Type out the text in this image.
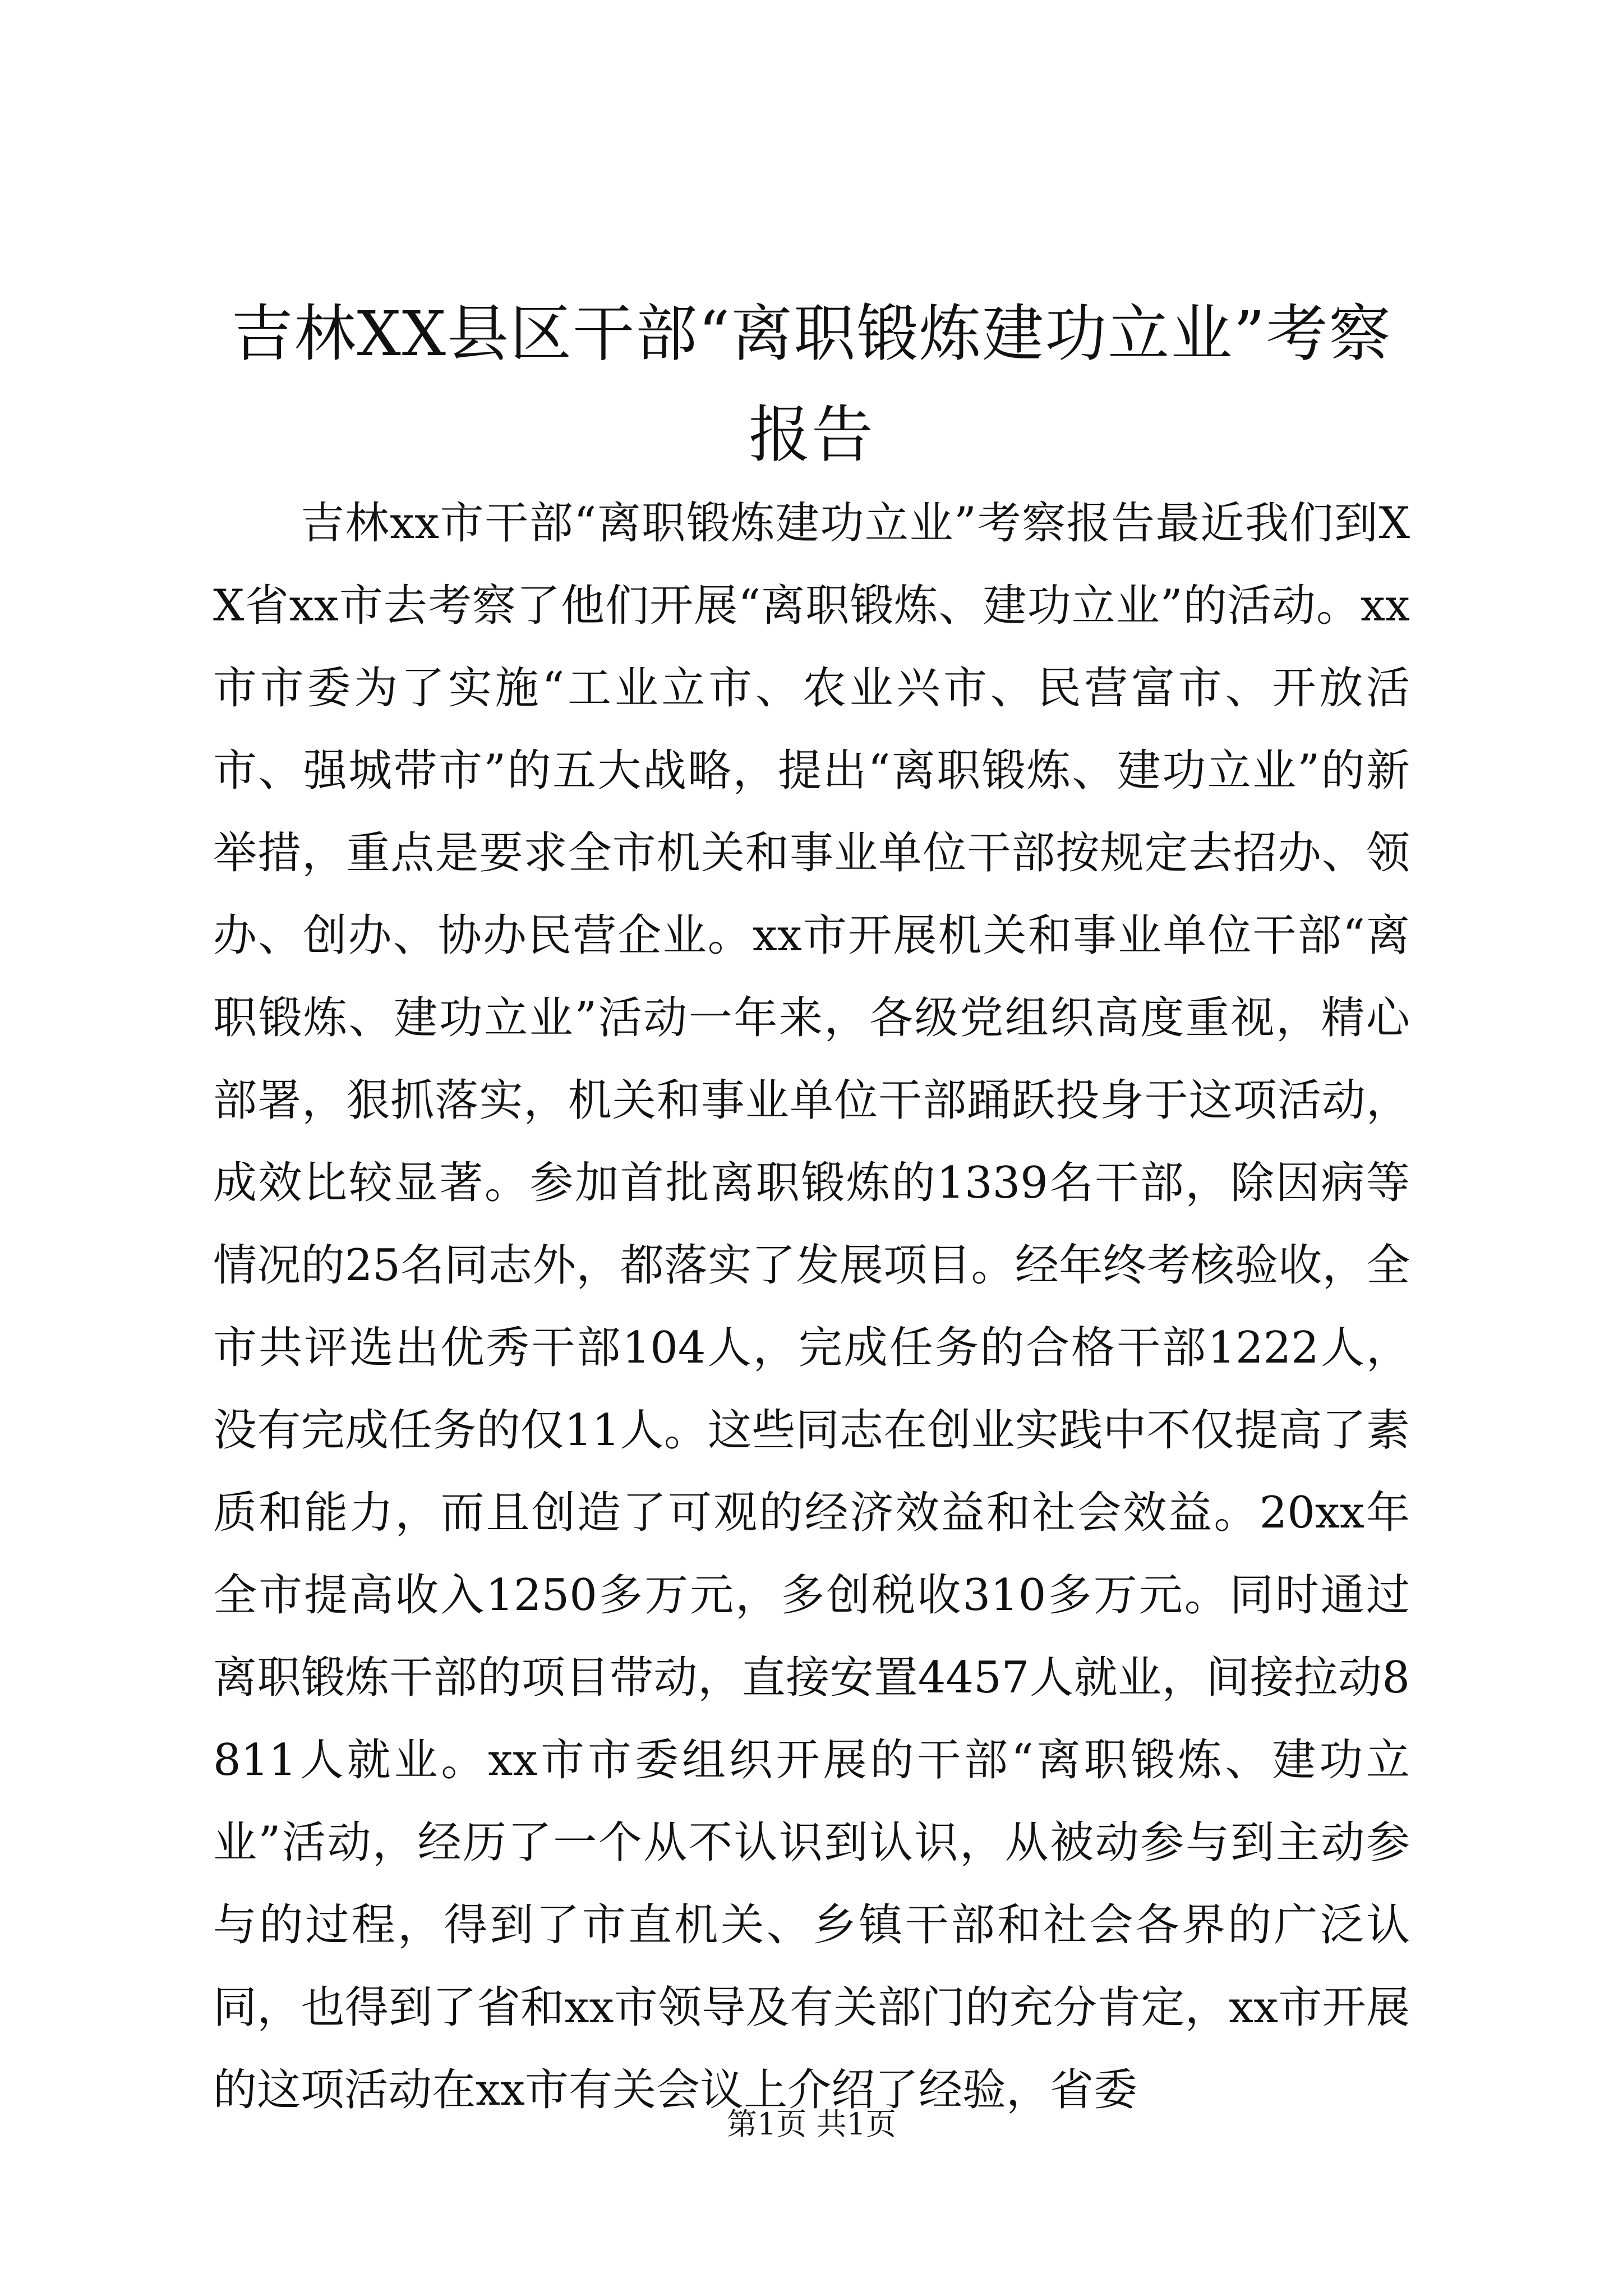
吉林XX县区干部“离职锻炼建功立业”考察报告

吉林xx市干部“离职锻炼建功立业”考察报告最近我们到XX省xx市去考察了他们开展“离职锻炼、建功立业”的活动。xx市市委为了实施“工业立市、农业兴市、民营富市、开放活市、强城带市”的五大战略，提出“离职锻炼、建功立业”的新举措，重点是要求全市机关和事业单位干部按规定去招办、领办、创办、协办民营企业。xx市开展机关和事业单位干部“离职锻炼、建功立业”活动一年来，各级党组织高度重视，精心部署，狠抓落实，机关和事业单位干部踊跃投身于这项活动，成效比较显著。参加首批离职锻炼的1339名干部，除因病等情况的25名同志外，都落实了发展项目。经年终考核验收，全市共评选出优秀干部104人，完成任务的合格干部1222人，没有完成任务的仅11人。这些同志在创业实践中不仅提高了素质和能力，而且创造了可观的经济效益和社会效益。20xx年全市提高收入1250多万元，多创税收310多万元。同时通过离职锻炼干部的项目带动，直接安置4457人就业，间接拉动8811人就业。xx市市委组织开展的干部“离职锻炼、建功立业”活动，经历了一个从不认识到认识，从被动参与到主动参与的过程，得到了市直机关、乡镇干部和社会各界的广泛认同，也得到了省和xx市领导及有关部门的充分肯定，xx市开展的这项活动在xx市有关会议上介绍了经验，省委

第1页 共1页
